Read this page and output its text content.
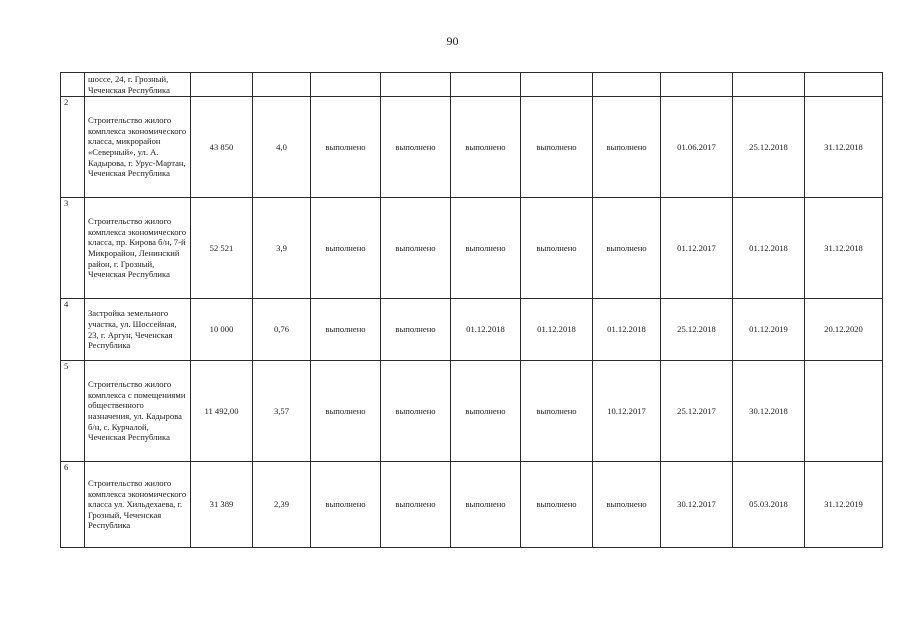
90
	шоссе, 24, г. Грозный, Чеченская Республика										
2	Строительство жилого комплекса экономического класса, микрорайон «Северный», ул. А. Кадырова, г. Урус-Мартан, Чеченская Республика	43 850	4,0	выполнено	выполнено	выполнено	выполнено	выполнено	01.06.2017	25.12.2018	31.12.2018
3	Строительство жилого комплекса экономического класса, пр. Кирова б/н, 7-й Микрорайон, Ленинский район, г. Грозный, Чеченская Республика	52 521	3,9	выполнено	выполнено	выполнено	выполнено	выполнено	01.12.2017	01.12.2018	31.12.2018
4	Застройка земельного участка, ул. Шоссейная, 23, г. Аргун, Чеченская Республика	10 000	0,76	выполнено	выполнено	01.12.2018	01.12.2018	01.12.2018	25.12.2018	01.12.2019	20.12.2020
5	Строительство жилого комплекса с помещениями общественного назначения, ул. Кадырова б/н, с. Курчалой, Чеченская Республика	11 492,00	3,57	выполнено	выполнено	выполнено	выполнено	10.12.2017	25.12.2017	30.12.2018	
6	Строительство жилого комплекса экономического класса ул. Хильдехаева, г. Грозный, Чеченская Республика	31 389	2,39	выполнено	выполнено	выполнено	выполнено	выполнено	30.12.2017	05.03.2018	31.12.2019
